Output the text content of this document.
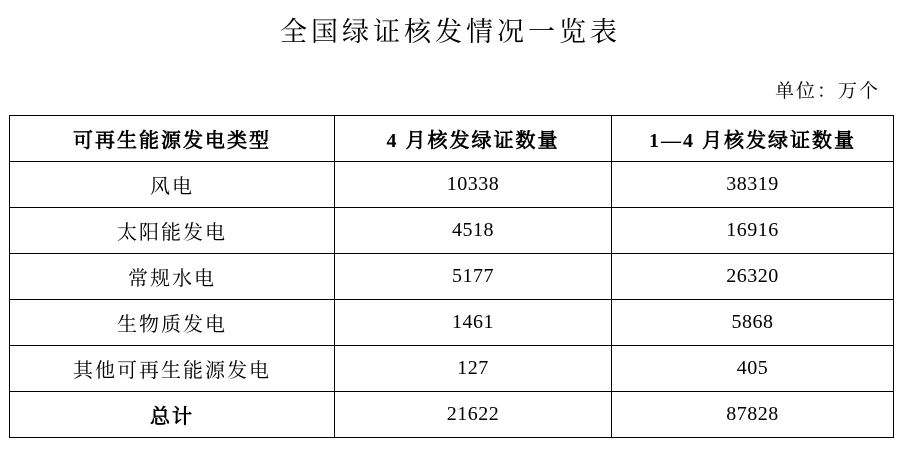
全国绿证核发情况一览表
单位：万个
可再生能源发电类型	4 月核发绿证数量	1—4 月核发绿证数量
风电	10338	38319
太阳能发电	4518	16916
常规水电	5177	26320
生物质发电	1461	5868
其他可再生能源发电	127	405
总计	21622	87828
